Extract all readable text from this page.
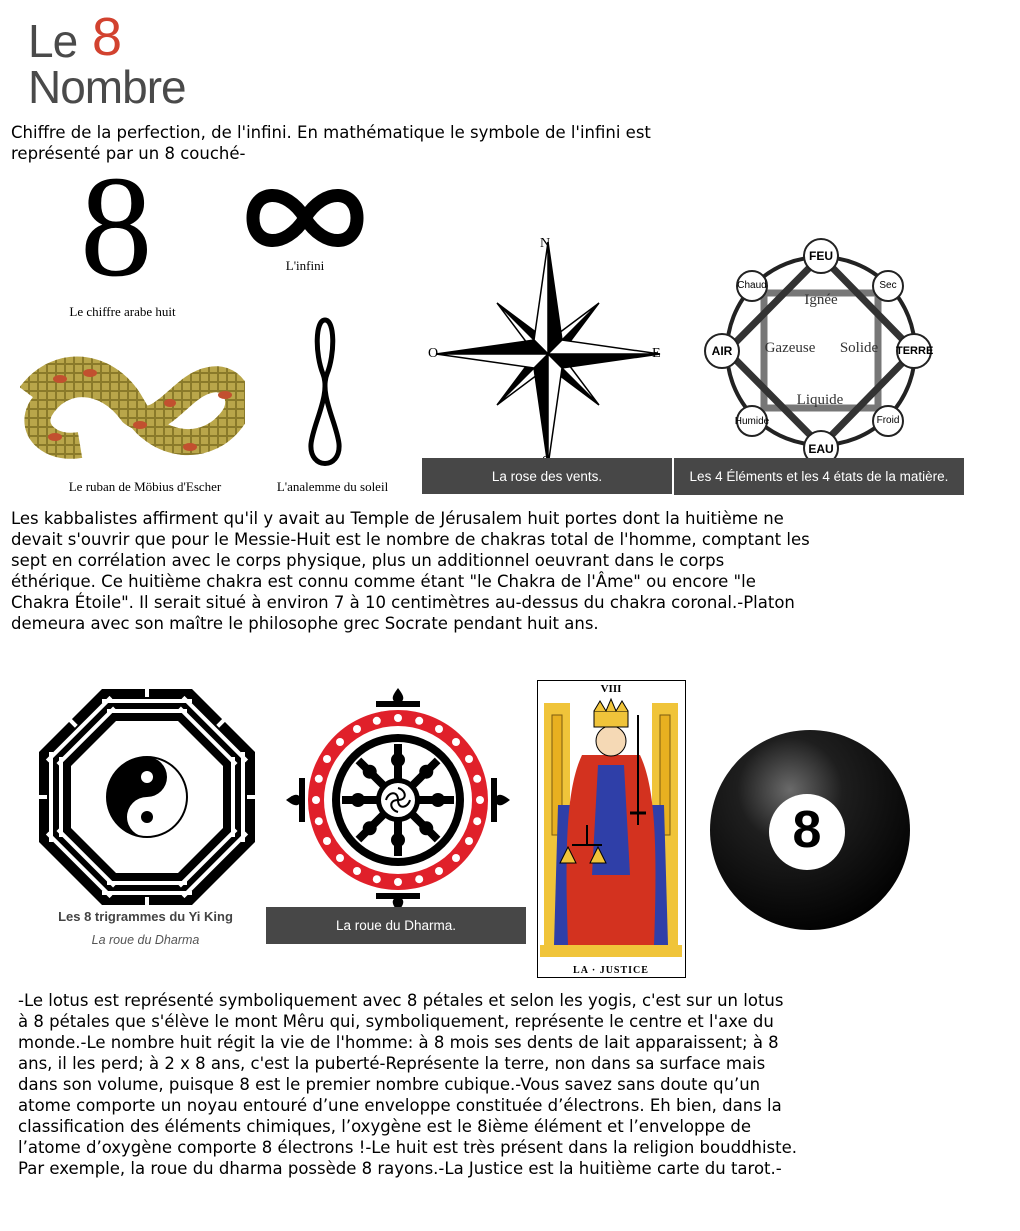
Le 8
Nombre

Chiffre de la perfection, de l'infini. En mathématique le symbole de l'infini est représenté par un 8 couché-

8
Le chiffre arabe huit
L'infini
Le ruban de Möbius d'Escher	L'analemme du soleil
N
E
O
La rose des vents.
FEU
TERRE
EAU
AIR
Chaud	Sec
Humide	Froid
Ignée
Gazeuse	Solide
Liquide
Les 4 Éléments et les 4 états de la matière.

Les kabbalistes affirment qu'il y avait au Temple de Jérusalem huit portes dont la huitième ne devait s'ouvrir que pour le Messie-Huit est le nombre de chakras total de l'homme, comptant les sept en corrélation avec le corps physique, plus un additionnel oeuvrant dans le corps éthérique. Ce huitième chakra est connu comme étant "le Chakra de l'Âme" ou encore "le Chakra Étoile". Il serait situé à environ 7 à 10 centimètres au-dessus du chakra coronal.-Platon demeura avec son maître le philosophe grec Socrate pendant huit ans.

Les 8 trigrammes du Yi King
La roue du Dharma
La roue du Dharma.
VIII
LA · JUSTICE
8

-Le lotus est représenté symboliquement avec 8 pétales et selon les yogis, c'est sur un lotus à 8 pétales que s'élève le mont Mêru qui, symboliquement, représente le centre et l'axe du monde.-Le nombre huit régit la vie de l'homme: à 8 mois ses dents de lait apparaissent; à 8 ans, il les perd; à 2 x 8 ans, c'est la puberté-Représente la terre, non dans sa surface mais dans son volume, puisque 8 est le premier nombre cubique.-Vous savez sans doute qu’un atome comporte un noyau entouré d’une enveloppe constituée d’électrons. Eh bien, dans la classification des éléments chimiques, l’oxygène est le 8ième élément et l’enveloppe de l’atome d’oxygène comporte 8 électrons !-Le huit est très présent dans la religion bouddhiste. Par exemple, la roue du dharma possède 8 rayons.-La Justice est la huitième carte du tarot.-
